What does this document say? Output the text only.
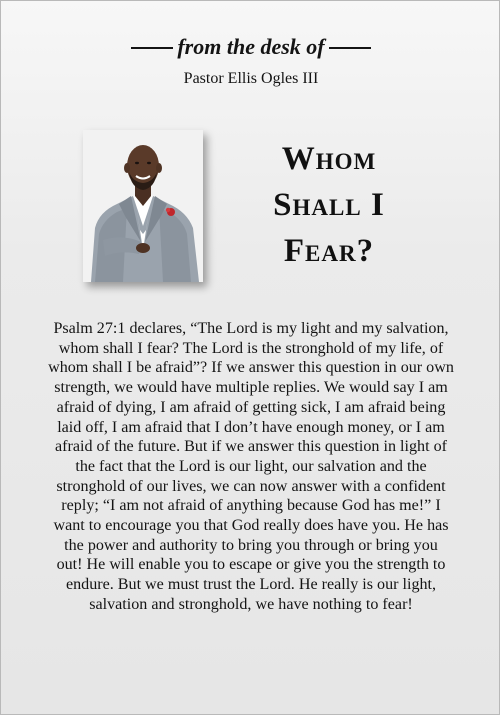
from the desk of
Pastor Ellis Ogles III
Whom
Shall I
Fear?
Psalm 27:1 declares, “The Lord is my light and my salvation,
whom shall I fear? The Lord is the stronghold of my life, of
whom shall I be afraid”? If we answer this question in our own
strength, we would have multiple replies. We would say I am
afraid of dying, I am afraid of getting sick, I am afraid being
laid off, I am afraid that I don’t have enough money, or I am
afraid of the future. But if we answer this question in light of
the fact that the Lord is our light, our salvation and the
stronghold of our lives, we can now answer with a confident
reply; “I am not afraid of anything because God has me!” I
want to encourage you that God really does have you. He has
the power and authority to bring you through or bring you
out! He will enable you to escape or give you the strength to
endure. But we must trust the Lord. He really is our light,
salvation and stronghold, we have nothing to fear!
